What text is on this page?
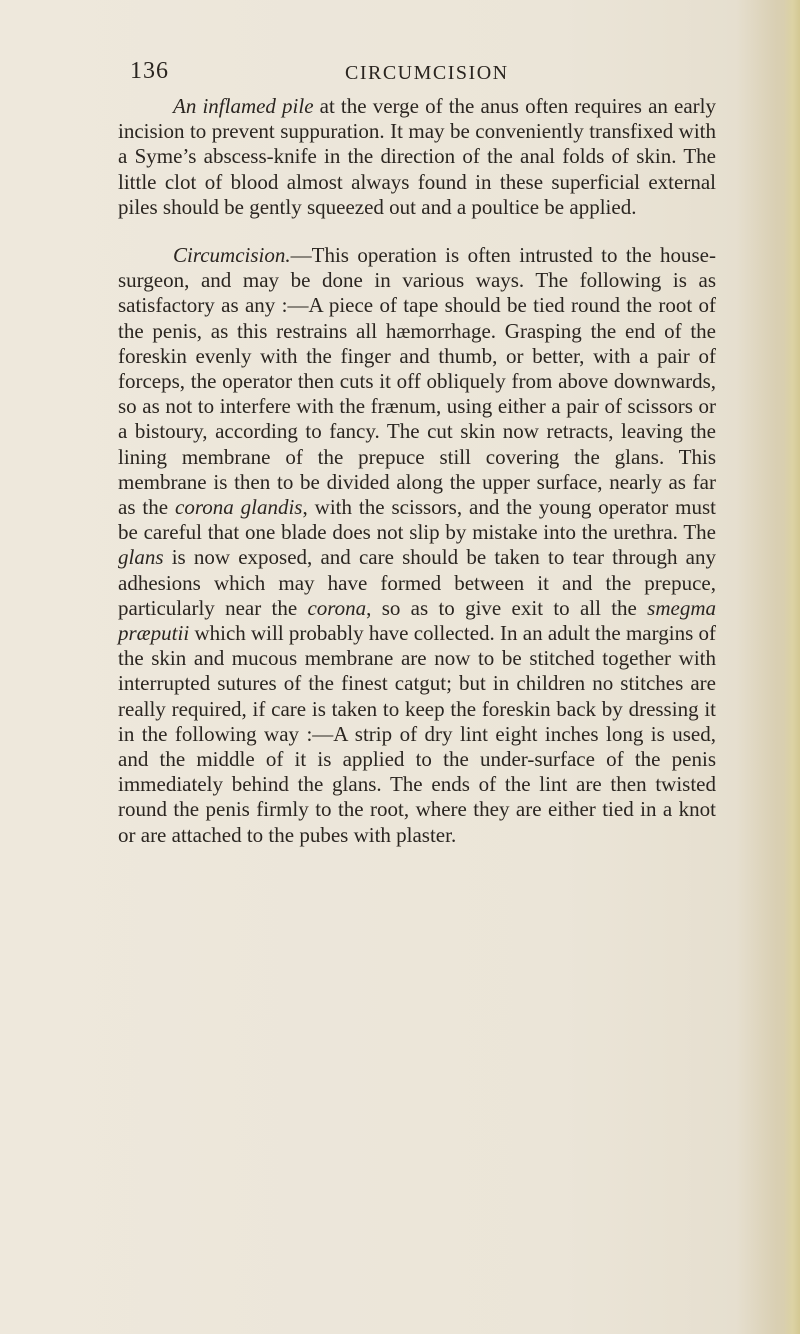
136	CIRCUMCISION

An inflamed pile at the verge of the anus often requires an early incision to prevent suppuration. It may be conveniently transfixed with a Syme’s abscess-knife in the direction of the anal folds of skin. The little clot of blood almost always found in these superficial external piles should be gently squeezed out and a poultice be applied.

Circumcision.—This operation is often intrusted to the house-surgeon, and may be done in various ways. The following is as satisfactory as any :—A piece of tape should be tied round the root of the penis, as this restrains all hæmorrhage. Grasping the end of the foreskin evenly with the finger and thumb, or better, with a pair of forceps, the operator then cuts it off obliquely from above downwards, so as not to interfere with the frænum, using either a pair of scissors or a bistoury, according to fancy. The cut skin now retracts, leaving the lining membrane of the prepuce still covering the glans. This membrane is then to be divided along the upper surface, nearly as far as the corona glandis, with the scissors, and the young operator must be careful that one blade does not slip by mistake into the urethra. The glans is now exposed, and care should be taken to tear through any adhesions which may have formed between it and the prepuce, particularly near the corona, so as to give exit to all the smegma præputii which will probably have collected. In an adult the margins of the skin and mucous membrane are now to be stitched together with interrupted sutures of the finest catgut; but in children no stitches are really required, if care is taken to keep the foreskin back by dressing it in the following way :—A strip of dry lint eight inches long is used, and the middle of it is applied to the under-surface of the penis immediately behind the glans. The ends of the lint are then twisted round the penis firmly to the root, where they are either tied in a knot or are attached to the pubes with plaster.
